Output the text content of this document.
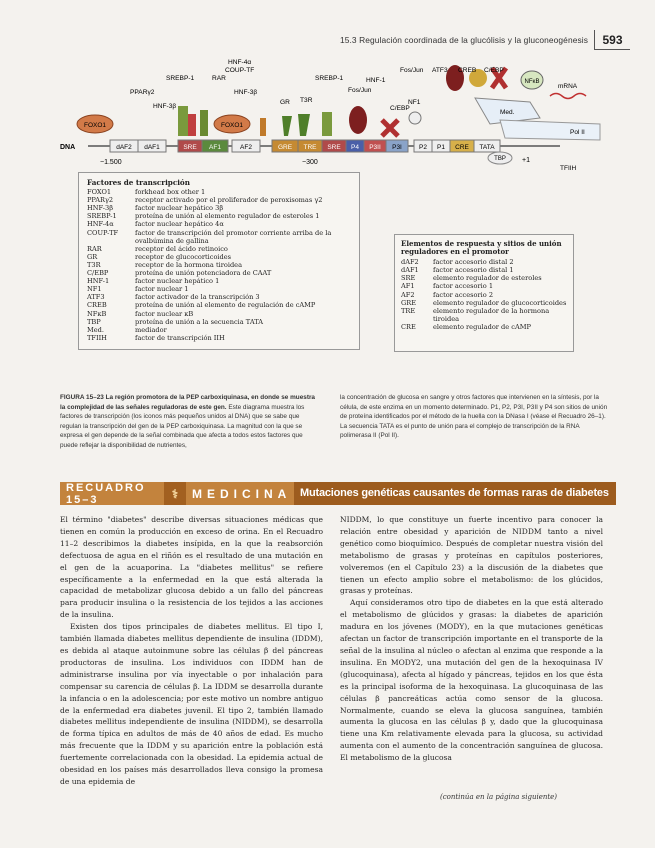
15.3 Regulación coordinada de la glucólisis y la gluconeogénesis	593
DNA	dAF2 dAF1	SRE AF1	AF2	GRE TRE SRE P4 P3II P3I	P2 P1 CRE TATA
−1.500	−300	+1
FOXO1	FOXO1
NFκB
mRNA
Med.
Pol II
TBP
TFIIH
HNF-4α
COUP-TF
SREBP-1	RAR
PPARγ2
HNF-3β
HNF-3β
SREBP-1
GR T3R
Fos/Jun
C/EBP
NF1
Fos/Jun ATF3 CREB C/EBP
HNF-1
Factores de transcripción
FOXO1	forkhead box other 1
PPARγ2	receptor activado por el proliferador de peroxisomas γ2
HNF-3β	factor nuclear hepático 3β
SREBP-1	proteína de unión al elemento regulador de esteroles 1
HNF-4α	factor nuclear hepático 4α
COUP-TF	factor de transcripción del promotor corriente arriba de la ovalbúmina de gallina
RAR	receptor del ácido retinoico
GR	receptor de glucocorticoides
T3R	receptor de la hormona tiroidea
C/EBP	proteína de unión potenciadora de CAAT
HNF-1	factor nuclear hepático 1
NF1	factor nuclear 1
ATF3	factor activador de la transcripción 3
CREB	proteína de unión al elemento de regulación de cAMP
NFκB	factor nuclear κB
TBP	proteína de unión a la secuencia TATA
Med.	mediador
TFIIH	factor de transcripción IIH
Elementos de respuesta y sitios de unión reguladores en el promotor
dAF2	factor accesorio distal 2
dAF1	factor accesorio distal 1
SRE	elemento regulador de esteroles
AF1	factor accesorio 1
AF2	factor accesorio 2
GRE	elemento regulador de glucocorticoides
TRE	elemento regulador de la hormona tiroidea
CRE	elemento regulador de cAMP
FIGURA 15–23 La región promotora de la PEP carboxiquinasa, en donde se muestra la complejidad de las señales reguladoras de este gen. Este diagrama muestra los factores de transcripción (los iconos más pequeños unidos al DNA) que se sabe que regulan la transcripción del gen de la PEP carboxiquinasa. La magnitud con la que se expresa el gen depende de la señal combinada que afecta a todos estos factores que puede reflejar la disponibilidad de nutrientes,
la concentración de glucosa en sangre y otros factores que intervienen en la síntesis, por la célula, de este enzima en un momento determinado. P1, P2, P3I, P3II y P4 son sitios de unión de proteína identificados por el método de la huella con la DNasa I (véase el Recuadro 26–1). La secuencia TATA es el punto de unión para el complejo de transcripción de la RNA polimerasa II (Pol II).
RECUADRO 15–3	⚕	MEDICINA Mutaciones genéticas causantes de formas raras de diabetes

El término "diabetes" describe diversas situaciones médicas que tienen en común la producción en exceso de orina. En el Recuadro 11–2 describimos la diabetes insípida, en la que la reabsorción defectuosa de agua en el riñón es el resultado de una mutación en el gen de la acuaporina. La "diabetes mellitus" se refiere específicamente a la enfermedad en la que está alterada la capacidad de metabolizar glucosa debido a un fallo del páncreas para producir insulina o la resistencia de los tejidos a las acciones de la insulina.

Existen dos tipos principales de diabetes mellitus. El tipo I, también llamada diabetes mellitus dependiente de insulina (IDDM), es debida al ataque autoinmune sobre las células β del páncreas productoras de insulina. Los individuos con IDDM han de administrarse insulina por vía inyectable o por inhalación para compensar su carencia de células β. La IDDM se desarrolla durante la infancia o en la adolescencia; por este motivo un nombre antiguo de la enfermedad era diabetes juvenil. El tipo 2, también llamado diabetes mellitus independiente de insulina (NIDDM), se desarrolla de forma típica en adultos de más de 40 años de edad. Es mucho más frecuente que la IDDM y su aparición entre la población está fuertemente correlacionada con la obesidad. La epidemia actual de obesidad en los países más desarrollados lleva consigo la promesa de una epidemia de

NIDDM, lo que constituye un fuerte incentivo para conocer la relación entre obesidad y aparición de NIDDM tanto a nivel genético como bioquímico. Después de completar nuestra visión del metabolismo de grasas y proteínas en capítulos posteriores, volveremos (en el Capítulo 23) a la discusión de la diabetes que tienen un efecto amplio sobre el metabolismo: de los glúcidos, grasas y proteínas.

Aquí consideramos otro tipo de diabetes en la que está alterado el metabolismo de glúcidos y grasas: la diabetes de aparición madura en los jóvenes (MODY), en la que mutaciones genéticas afectan un factor de transcripción importante en el transporte de la señal de la insulina al núcleo o afectan al enzima que responde a la insulina. En MODY2, una mutación del gen de la hexoquinasa IV (glucoquinasa), afecta al hígado y páncreas, tejidos en los que ésta es la principal isoforma de la hexoquinasa. La glucoquinasa de las células β pancreáticas actúa como sensor de la glucosa. Normalmente, cuando se eleva la glucosa sanguínea, también aumenta la glucosa en las células β y, dado que la glucoquinasa tiene una Km relativamente elevada para la glucosa, su actividad aumenta con el aumento de la concentración sanguínea de glucosa. El metabolismo de la glucosa

(continúa en la página siguiente)
